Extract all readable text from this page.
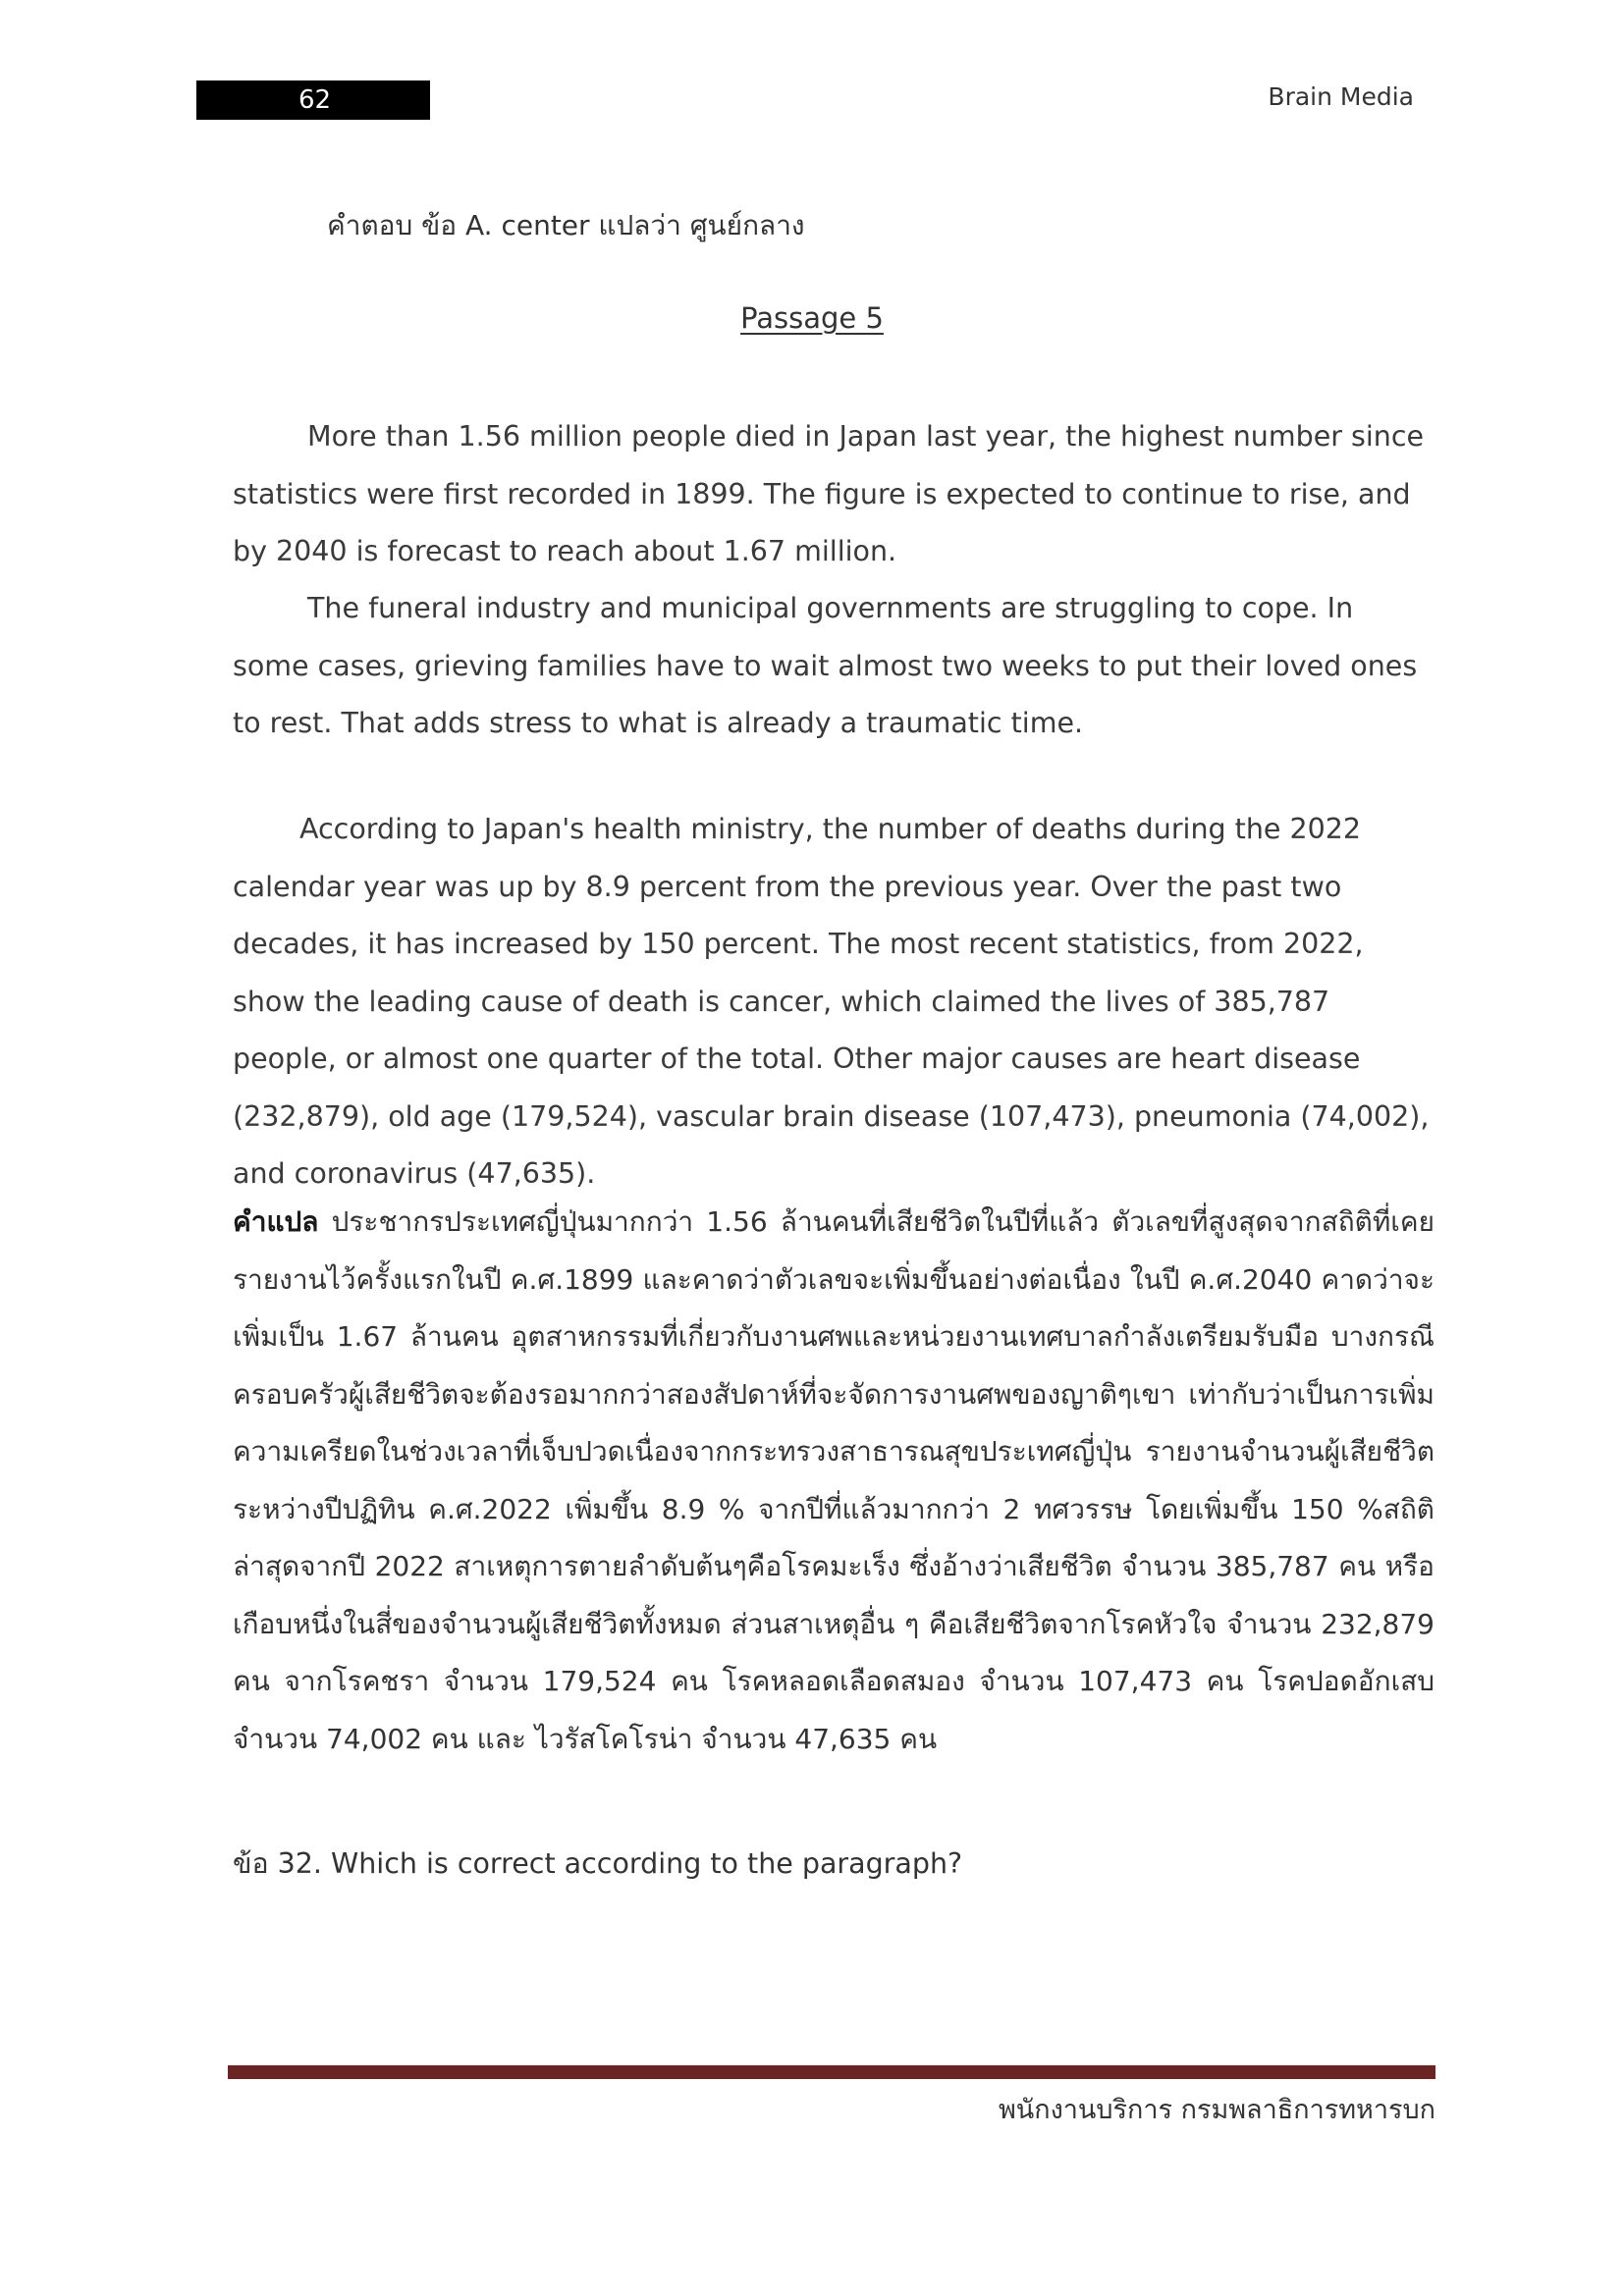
62	Brain Media
คำตอบ ข้อ A. center แปลว่า ศูนย์กลาง
Passage 5

More than 1.56 million people died in Japan last year, the highest number since statistics were first recorded in 1899. The figure is expected to continue to rise, and by 2040 is forecast to reach about 1.67 million.

The funeral industry and municipal governments are struggling to cope. In some cases, grieving families have to wait almost two weeks to put their loved ones to rest. That adds stress to what is already a traumatic time.

According to Japan's health ministry, the number of deaths during the 2022 calendar year was up by 8.9 percent from the previous year. Over the past two decades, it has increased by 150 percent. The most recent statistics, from 2022, show the leading cause of death is cancer, which claimed the lives of 385,787 people, or almost one quarter of the total. Other major causes are heart disease (232,879), old age (179,524), vascular brain disease (107,473), pneumonia (74,002), and coronavirus (47,635).

คำแปล ประชากรประเทศญี่ปุ่นมากกว่า 1.56 ล้านคนที่เสียชีวิตในปีที่แล้ว ตัวเลขที่สูงสุดจากสถิติที่เคยรายงานไว้ครั้งแรกในปี ค.ศ.1899 และคาดว่าตัวเลขจะเพิ่มขึ้นอย่างต่อเนื่อง ในปี ค.ศ.2040 คาดว่าจะเพิ่มเป็น 1.67 ล้านคน อุตสาหกรรมที่เกี่ยวกับงานศพและหน่วยงานเทศบาลกำลังเตรียมรับมือ บางกรณีครอบครัวผู้เสียชีวิตจะต้องรอมากกว่าสองสัปดาห์ที่จะจัดการงานศพของญาติๆเขา เท่ากับว่าเป็นการเพิ่มความเครียดในช่วงเวลาที่เจ็บปวดเนื่องจากกระทรวงสาธารณสุขประเทศญี่ปุ่น รายงานจำนวนผู้เสียชีวิตระหว่างปีปฏิทิน ค.ศ.2022 เพิ่มขึ้น 8.9 % จากปีที่แล้วมากกว่า 2 ทศวรรษ โดยเพิ่มขึ้น 150 %สถิติล่าสุดจากปี 2022 สาเหตุการตายลำดับต้นๆคือโรคมะเร็ง ซึ่งอ้างว่าเสียชีวิต จำนวน 385,787 คน หรือเกือบหนึ่งในสี่ของจำนวนผู้เสียชีวิตทั้งหมด ส่วนสาเหตุอื่น ๆ คือเสียชีวิตจากโรคหัวใจ จำนวน 232,879 คน จากโรคชรา จำนวน 179,524 คน โรคหลอดเลือดสมอง จำนวน 107,473 คน โรคปอดอักเสบ จำนวน 74,002 คน และ ไวรัสโคโรน่า จำนวน 47,635 คน

ข้อ 32. Which is correct according to the paragraph?
พนักงานบริการ กรมพลาธิการทหารบก
